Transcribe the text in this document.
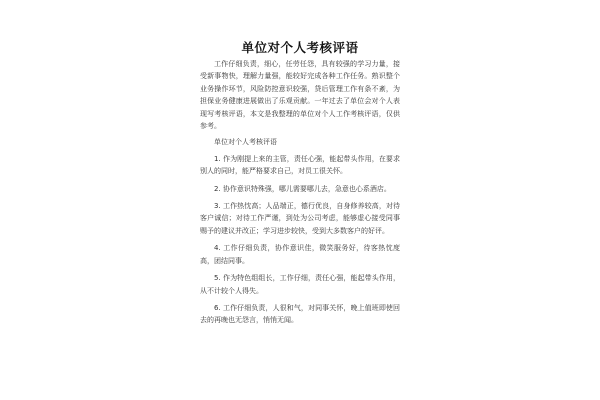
单位对个人考核评语

工作仔细负责，细心，任劳任怨，具有较强的学习力量，接受新事物快，理解力量强，能较好完成各种工作任务。熟识整个业务操作环节，风险防控意识较强，贷后管理工作有条不紊，为担保业务健康进展做出了乐观贡献。一年过去了单位会对个人表现写考核评语，本文是我整理的单位对个人工作考核评语，仅供参考。

单位对个人考核评语

1. 作为刚提上来的主管，责任心强，能起带头作用，在要求别人的同时，能严格要求自己，对员工很关怀。

2. 协作意识特殊强，哪儿需要哪儿去，急意也心系酒店。

3. 工作热忱高；人品端正，德行优良，自身修养较高，对待客户诚信；对待工作严谨，到处为公司考虑，能够虚心接受同事赐予的建议并改正；学习进步较快，受到大多数客户的好评。

4. 工作仔细负责，协作意识佳，微笑服务好，待客热忱度高，团结同事。

5. 作为特色组组长，工作仔细，责任心强，能起带头作用，从不计较个人得失。

6. 工作仔细负责，人很和气，对同事关怀，晚上值班即使回去的再晚也无怨言，悄悄无闻。
